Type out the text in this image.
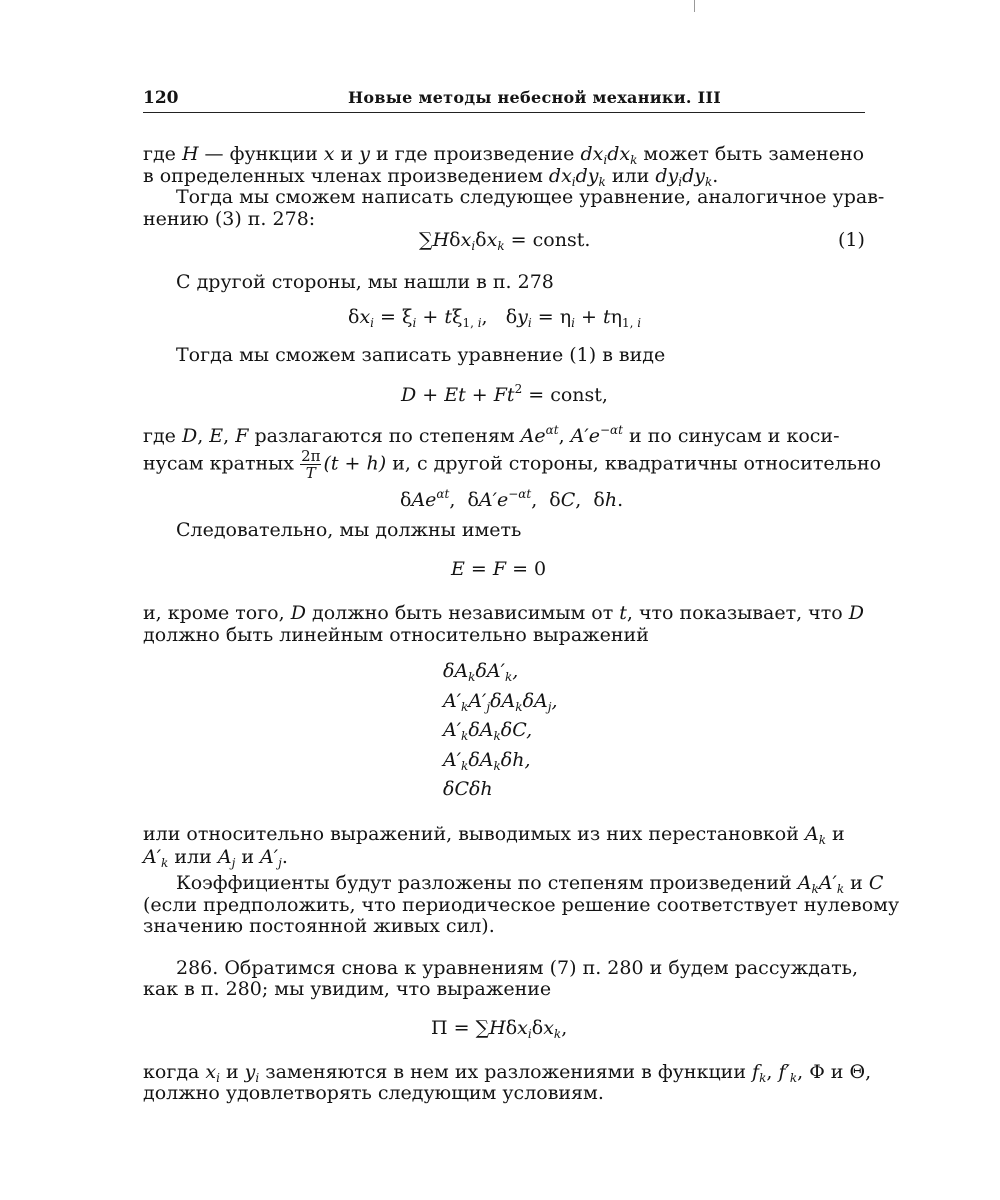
120	Новые методы небесной механики. III
где H — функции x и y и где произведение $dx_idx_k$ может быть заменено
в определенных членах произведением $dx_idy_k$ или $dy_idy_k$.
Тогда мы сможем написать следующее уравнение, аналогичное урав-
нению (3) п. 278:
$\sum H\delta x_i\delta x_k$ = const.	(1)
С другой стороны, мы нашли в п. 278
$\delta x_i = \xi_i + t\xi_{1, i}$,   $\delta y_i = \eta_i + t\eta_{1, i}$
Тогда мы сможем записать уравнение (1) в виде
$D + Et + Ft^2$ = const,
где D, E, F разлагаются по степеням $Ae^{\alpha t}$, $A'e^{-\alpha t}$ и по синусам и коси-
нусам кратных $\frac{2\pi}{T} (t + h)$ и, с другой стороны, квадратичны относительно
δAe$^{\alpha t}$,  $\delta A'e^{-\alpha t}$,  δC,  δh.
Следовательно, мы должны иметь
E = F = 0
и, кроме того, D должно быть независимым от t, что показывает, что D
должно быть линейным относительно выражений
$\delta A_k\delta A'_k$,
$A'_kA'_j\delta A_k\delta A_j$,
$A'_k\delta A_k\delta C$,
$A'_k\delta A_k\delta h$,
δCδh
или относительно выражений, выводимых из них перестановкой $A_k$ и
$A'_k$ или $A_j$ и $A'_j$.
Коэффициенты будут разложены по степеням произведений $A_kA'_k$ и C
(если предположить, что периодическое решение соответствует нулевому
значению постоянной живых сил).
286. Обратимся снова к уравнениям (7) п. 280 и будем рассуждать,
как в п. 280; мы увидим, что выражение
$\Pi = \sum H\delta x_i\delta x_k$,
когда $x_i$ и $y_i$ заменяются в нем их разложениями в функции $f_k$, $f'_k$, Φ и Θ,
должно удовлетворять следующим условиям.
